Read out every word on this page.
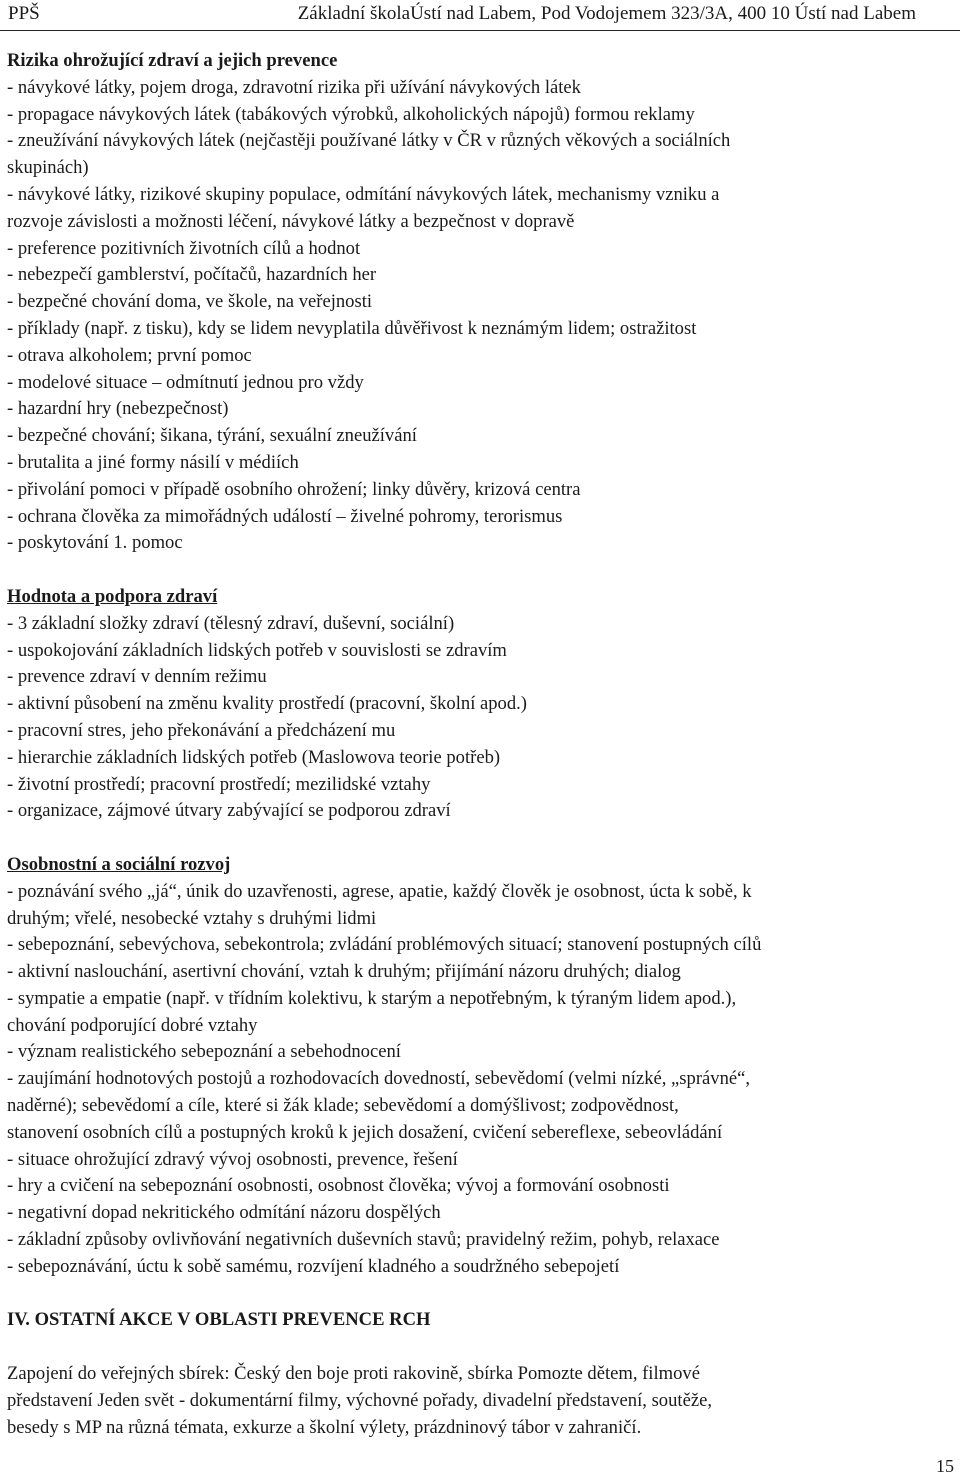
PPŠ	Základní školaÚstí nad Labem, Pod Vodojemem 323/3A, 400 10 Ústí nad Labem
Rizika ohrožující zdraví a jejich prevence
- návykové látky, pojem droga, zdravotní rizika při užívání návykových látek
- propagace návykových látek (tabákových výrobků, alkoholických nápojů) formou reklamy
- zneužívání návykových látek (nejčastěji používané látky v ČR v různých věkových a sociálních
skupinách)
- návykové látky, rizikové skupiny populace, odmítání návykových látek, mechanismy vzniku a
rozvoje závislosti a možnosti léčení, návykové látky a bezpečnost v dopravě
- preference pozitivních životních cílů a hodnot
- nebezpečí gamblerství, počítačů, hazardních her
- bezpečné chování doma, ve škole, na veřejnosti
- příklady (např. z tisku), kdy se lidem nevyplatila důvěřivost k neznámým lidem; ostražitost
- otrava alkoholem; první pomoc
- modelové situace – odmítnutí jednou pro vždy
- hazardní hry (nebezpečnost)
- bezpečné chování; šikana, týrání, sexuální zneužívání
- brutalita a jiné formy násilí v médiích
- přivolání pomoci v případě osobního ohrožení; linky důvěry, krizová centra
- ochrana člověka za mimořádných událostí – živelné pohromy, terorismus
- poskytování 1. pomoc
Hodnota a podpora zdraví
- 3 základní složky zdraví (tělesný zdraví, duševní, sociální)
- uspokojování základních lidských potřeb v souvislosti se zdravím
- prevence zdraví v denním režimu
- aktivní působení na změnu kvality prostředí (pracovní, školní apod.)
- pracovní stres, jeho překonávání a předcházení mu
- hierarchie základních lidských potřeb (Maslowova teorie potřeb)
- životní prostředí; pracovní prostředí; mezilidské vztahy
- organizace, zájmové útvary zabývající se podporou zdraví
Osobnostní a sociální rozvoj
- poznávání svého „já“, únik do uzavřenosti, agrese, apatie, každý člověk je osobnost, úcta k sobě, k
druhým; vřelé, nesobecké vztahy s druhými lidmi
- sebepoznání, sebevýchova, sebekontrola; zvládání problémových situací; stanovení postupných cílů
- aktivní naslouchání, asertivní chování, vztah k druhým; přijímání názoru druhých; dialog
- sympatie a empatie (např. v třídním kolektivu, k starým a nepotřebným, k týraným lidem apod.),
chování podporující dobré vztahy
- význam realistického sebepoznání a sebehodnocení
- zaujímání hodnotových postojů a rozhodovacích dovedností, sebevědomí (velmi nízké, „správné“,
naděrné); sebevědomí a cíle, které si žák klade; sebevědomí a domýšlivost; zodpovědnost,
stanovení osobních cílů a postupných kroků k jejich dosažení, cvičení sebereflexe, sebeovládání
- situace ohrožující zdravý vývoj osobnosti, prevence, řešení
- hry a cvičení na sebepoznání osobnosti, osobnost člověka; vývoj a formování osobnosti
- negativní dopad nekritického odmítání názoru dospělých
- základní způsoby ovlivňování negativních duševních stavů; pravidelný režim, pohyb, relaxace
- sebepoznávání, úctu k sobě samému, rozvíjení kladného a soudržného sebepojetí
IV. OSTATNÍ AKCE V OBLASTI PREVENCE RCH
Zapojení do veřejných sbírek: Český den boje proti rakovině, sbírka Pomozte dětem, filmové
představení Jeden svět - dokumentární filmy, výchovné pořady, divadelní představení, soutěže,
besedy s MP na různá témata, exkurze a školní výlety, prázdninový tábor v zahraničí.
15
